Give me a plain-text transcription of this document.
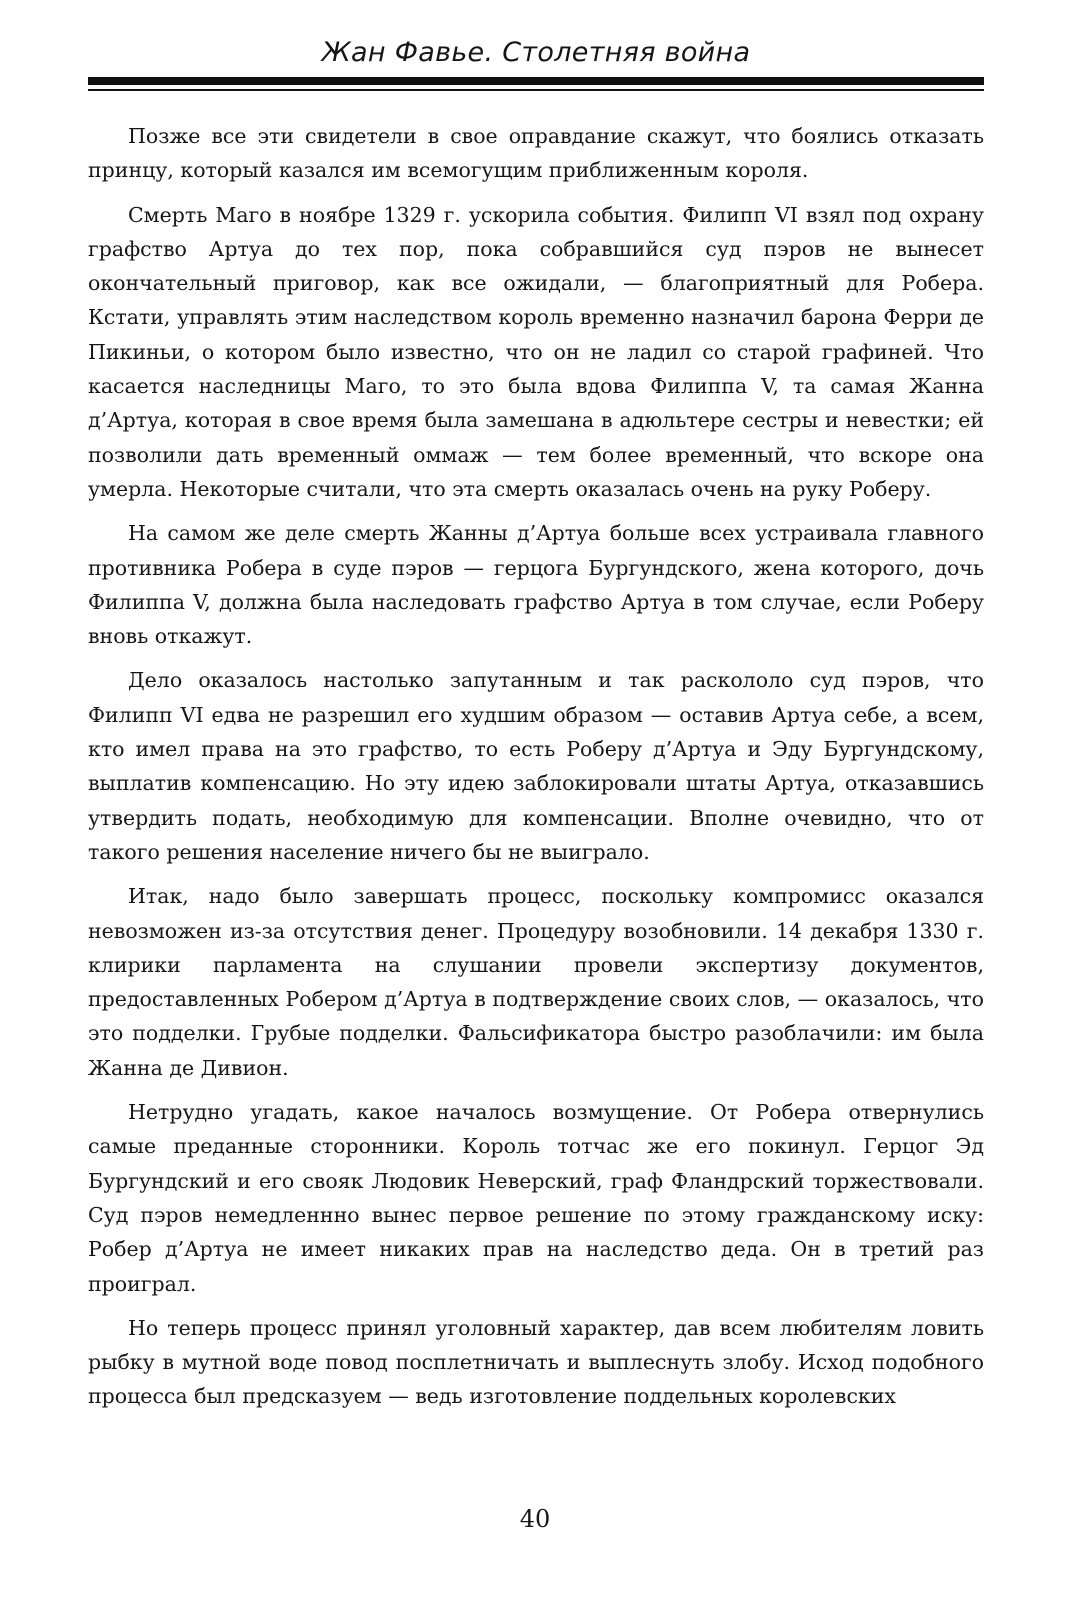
Жан Фавье. Столетняя война

Позже все эти свидетели в свое оправдание скажут, что боялись отказать принцу, который казался им всемогущим приближенным короля.

Смерть Маго в ноябре 1329 г. ускорила события. Филипп VI взял под охрану графство Артуа до тех пор, пока собравшийся суд пэров не вынесет окончательный приговор, как все ожидали, — благоприятный для Робера. Кстати, управлять этим наследством король временно назначил барона Ферри де Пикиньи, о котором было известно, что он не ладил со старой графиней. Что касается наследницы Маго, то это была вдова Филиппа V, та самая Жанна д’Артуа, которая в свое время была замешана в адюльтере сестры и невестки; ей позволили дать временный оммаж — тем более временный, что вскоре она умерла. Некоторые считали, что эта смерть оказалась очень на руку Роберу.

На самом же деле смерть Жанны д’Артуа больше всех устраивала главного противника Робера в суде пэров — герцога Бургундского, жена которого, дочь Филиппа V, должна была наследовать графство Артуа в том случае, если Роберу вновь откажут.

Дело оказалось настолько запутанным и так раскололо суд пэров, что Филипп VI едва не разрешил его худшим образом — оставив Артуа себе, а всем, кто имел права на это графство, то есть Роберу д’Артуа и Эду Бургундскому, выплатив компенсацию. Но эту идею заблокировали штаты Артуа, отказавшись утвердить подать, необходимую для компенсации. Вполне очевидно, что от такого решения население ничего бы не выиграло.

Итак, надо было завершать процесс, поскольку компромисс оказался невозможен из-за отсутствия денег. Процедуру возобновили. 14 декабря 1330 г. клирики парламента на слушании провели экспертизу документов, предоставленных Робером д’Артуа в подтверждение своих слов, — оказалось, что это подделки. Грубые подделки. Фальсификатора быстро разоблачили: им была Жанна де Дивион.

Нетрудно угадать, какое началось возмущение. От Робера отвернулись самые преданные сторонники. Король тотчас же его покинул. Герцог Эд Бургундский и его свояк Людовик Неверский, граф Фландрский торжествовали. Суд пэров немедленнно вынес первое решение по этому гражданскому иску: Робер д’Артуа не имеет никаких прав на наследство деда. Он в третий раз проиграл.

Но теперь процесс принял уголовный характер, дав всем любителям ловить рыбку в мутной воде повод посплетничать и выплеснуть злобу. Исход подобного процесса был предсказуем — ведь изготовление поддельных королевских

40
